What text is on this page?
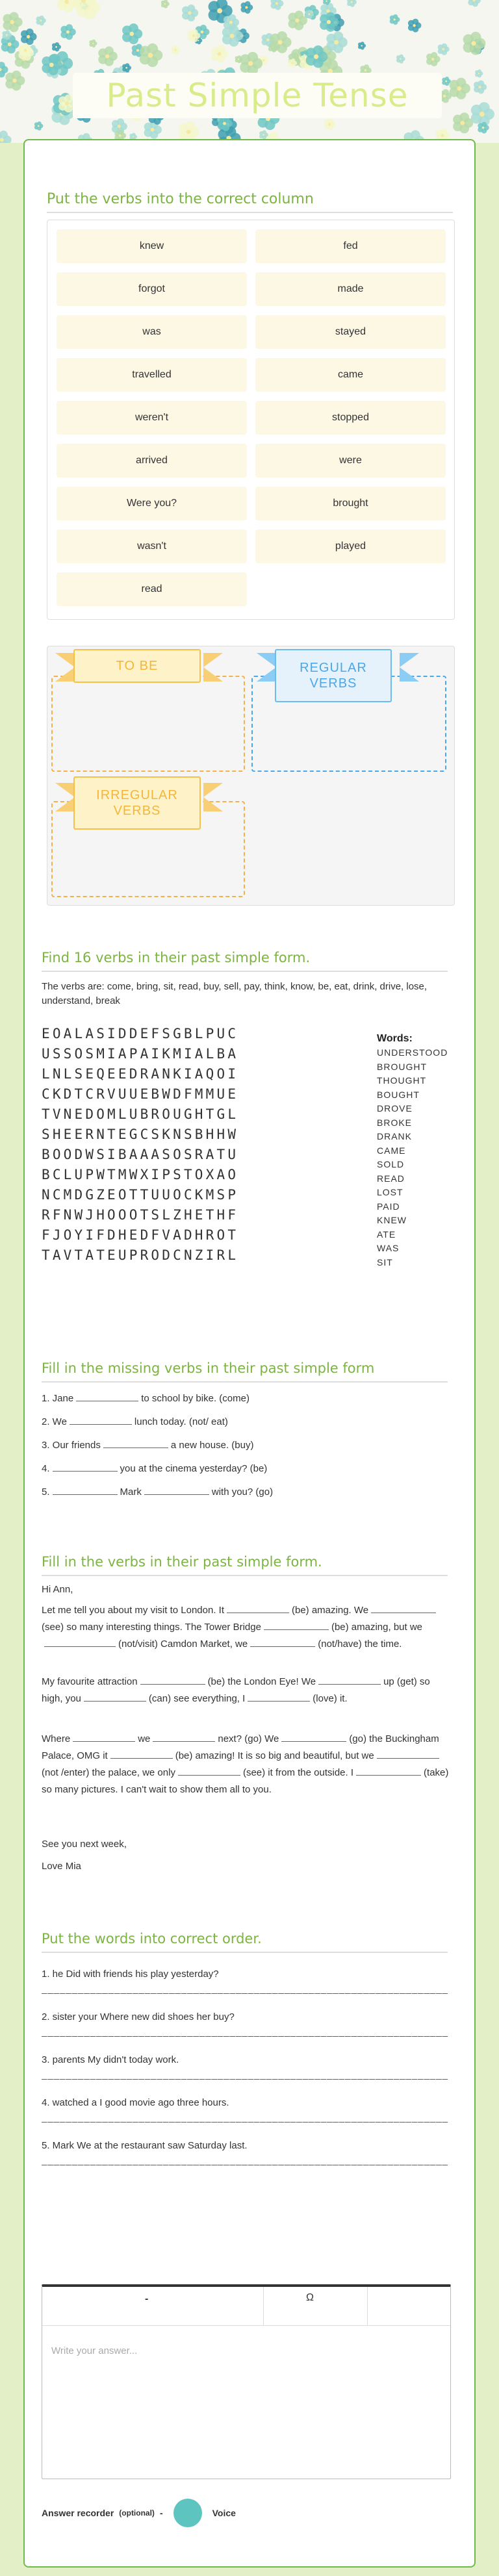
Past Simple Tense
Put the verbs into the correct column
knew
forgot
was
travelled
weren't
arrived
Were you?
wasn't
read
fed
made
stayed
came
stopped
were
brought
played
TO BE	REGULAR
VERBS
IRREGULAR
VERBS
Find 16 verbs in their past simple form.
The verbs are: come, bring, sit, read, buy, sell, pay, think, know, be, eat, drink, drive, lose, understand, break
EOALASIDDEFSGBLPUC
USSOSMIAPAIKMIALBA
LNLSEQEEDRANKIAQOI
CKDTCRVUUEBWDFMMUE
TVNEDOMLUBROUGHTGL
SHEERNTEGCSKNSBHHW
BOODWSIBAAASOSRATU
BCLUPWTMWXIPSTOXAO
NCMDGZEOTTUUOCKMSP
RFNWJHOOOTSLZHETHF
FJOYIFDHEDFVADHROT
TAVTATEUPRODCNZIRL
Words:
UNDERSTOOD
BROUGHT
THOUGHT
BOUGHT
DROVE
BROKE
DRANK
CAME
SOLD
READ
LOST
PAID
KNEW
ATE
WAS
SIT
Fill in the missing verbs in their past simple form
1. Jane	to school by bike. (come)
2. We	lunch today. (not/ eat)
3. Our friends	a new house. (buy)
4.	you at the cinema yesterday? (be)
5.	Mark	with you? (go)
Fill in the verbs in their past simple form.
Hi Ann,
Let me tell you about my visit to London. It	(be) amazing. We(see) so many interesting things. The Tower Bridge	(be) amazing, but we(not/visit) Camdon Market, we	(not/have) the time.
My favourite attraction	(be) the London Eye! We	up (get) so high, you	(can) see everything, I	(love) it.
Where	we	next? (go) We	(go) the Buckingham Palace, OMG it	(be) amazing! It is so big and beautiful, but we(not /enter) the palace, we only	(see) it from the outside. I	(take) so many pictures. I can't wait to show them all to you.
See you next week,
Love Mia
Put the words into correct order.
1. he Did with friends his play yesterday?
___________________________________________________________________
2. sister your Where new did shoes her buy?
___________________________________________________________________
3. parents My didn't today work.
___________________________________________________________________
4. watched a I good movie ago three hours.
___________________________________________________________________
5. Mark We at the restaurant saw Saturday last.
___________________________________________________________________
-	Ω
Write your answer...
Answer recorder (optional) -	Voice
